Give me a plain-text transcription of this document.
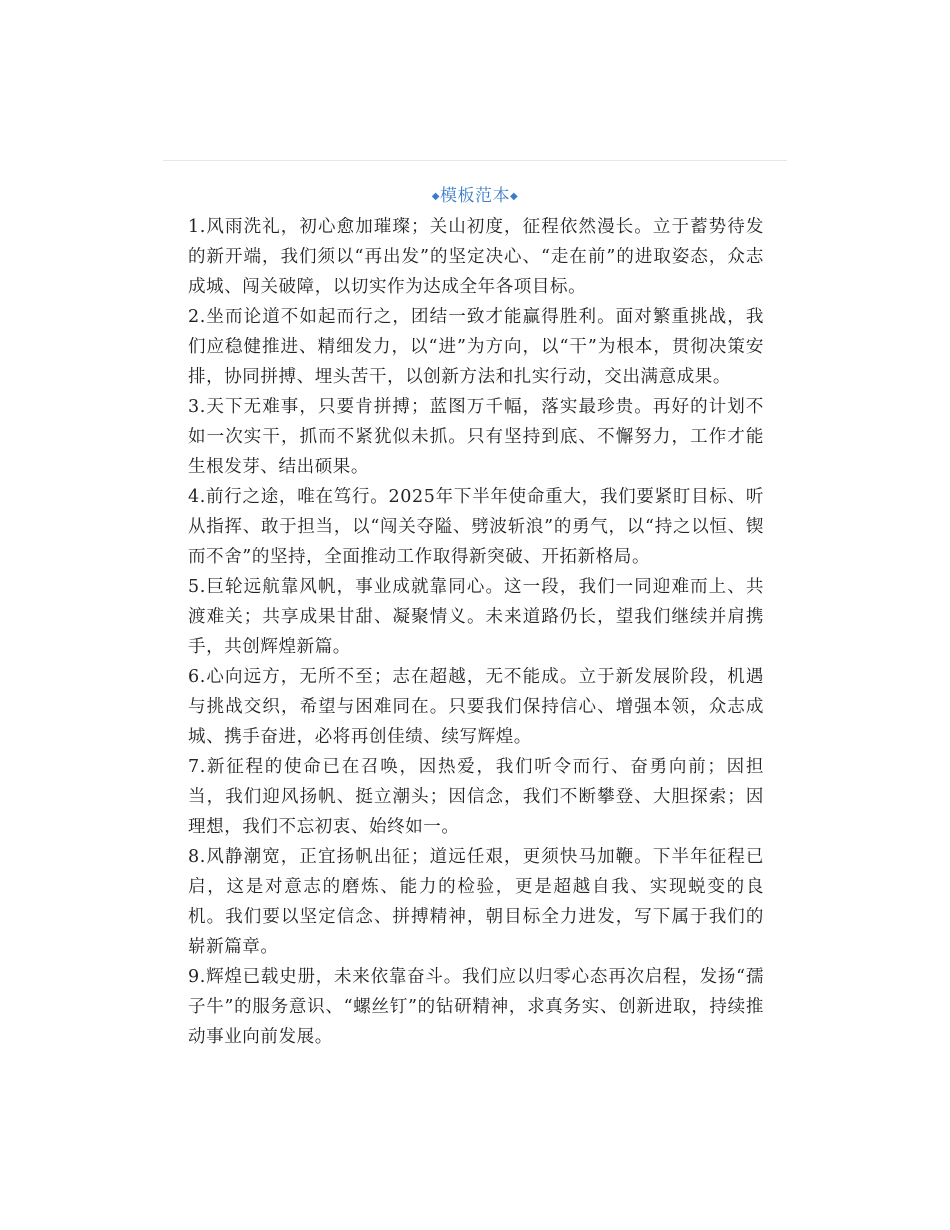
◆模板范本◆

1.风雨洗礼，初心愈加璀璨；关山初度，征程依然漫长。立于蓄势待发的新开端，我们须以“再出发”的坚定决心、“走在前”的进取姿态，众志成城、闯关破障，以切实作为达成全年各项目标。

2.坐而论道不如起而行之，团结一致才能赢得胜利。面对繁重挑战，我们应稳健推进、精细发力，以“进”为方向，以“干”为根本，贯彻决策安排，协同拼搏、埋头苦干，以创新方法和扎实行动，交出满意成果。

3.天下无难事，只要肯拼搏；蓝图万千幅，落实最珍贵。再好的计划不如一次实干，抓而不紧犹似未抓。只有坚持到底、不懈努力，工作才能生根发芽、结出硕果。

4.前行之途，唯在笃行。2025年下半年使命重大，我们要紧盯目标、听从指挥、敢于担当，以“闯关夺隘、劈波斩浪”的勇气，以“持之以恒、锲而不舍”的坚持，全面推动工作取得新突破、开拓新格局。

5.巨轮远航靠风帆，事业成就靠同心。这一段，我们一同迎难而上、共渡难关；共享成果甘甜、凝聚情义。未来道路仍长，望我们继续并肩携手，共创辉煌新篇。

6.心向远方，无所不至；志在超越，无不能成。立于新发展阶段，机遇与挑战交织，希望与困难同在。只要我们保持信心、增强本领，众志成城、携手奋进，必将再创佳绩、续写辉煌。

7.新征程的使命已在召唤，因热爱，我们听令而行、奋勇向前；因担当，我们迎风扬帆、挺立潮头；因信念，我们不断攀登、大胆探索；因理想，我们不忘初衷、始终如一。

8.风静潮宽，正宜扬帆出征；道远任艰，更须快马加鞭。下半年征程已启，这是对意志的磨炼、能力的检验，更是超越自我、实现蜕变的良机。我们要以坚定信念、拼搏精神，朝目标全力进发，写下属于我们的崭新篇章。

9.辉煌已载史册，未来依靠奋斗。我们应以归零心态再次启程，发扬“孺子牛”的服务意识、“螺丝钉”的钻研精神，求真务实、创新进取，持续推动事业向前发展。
